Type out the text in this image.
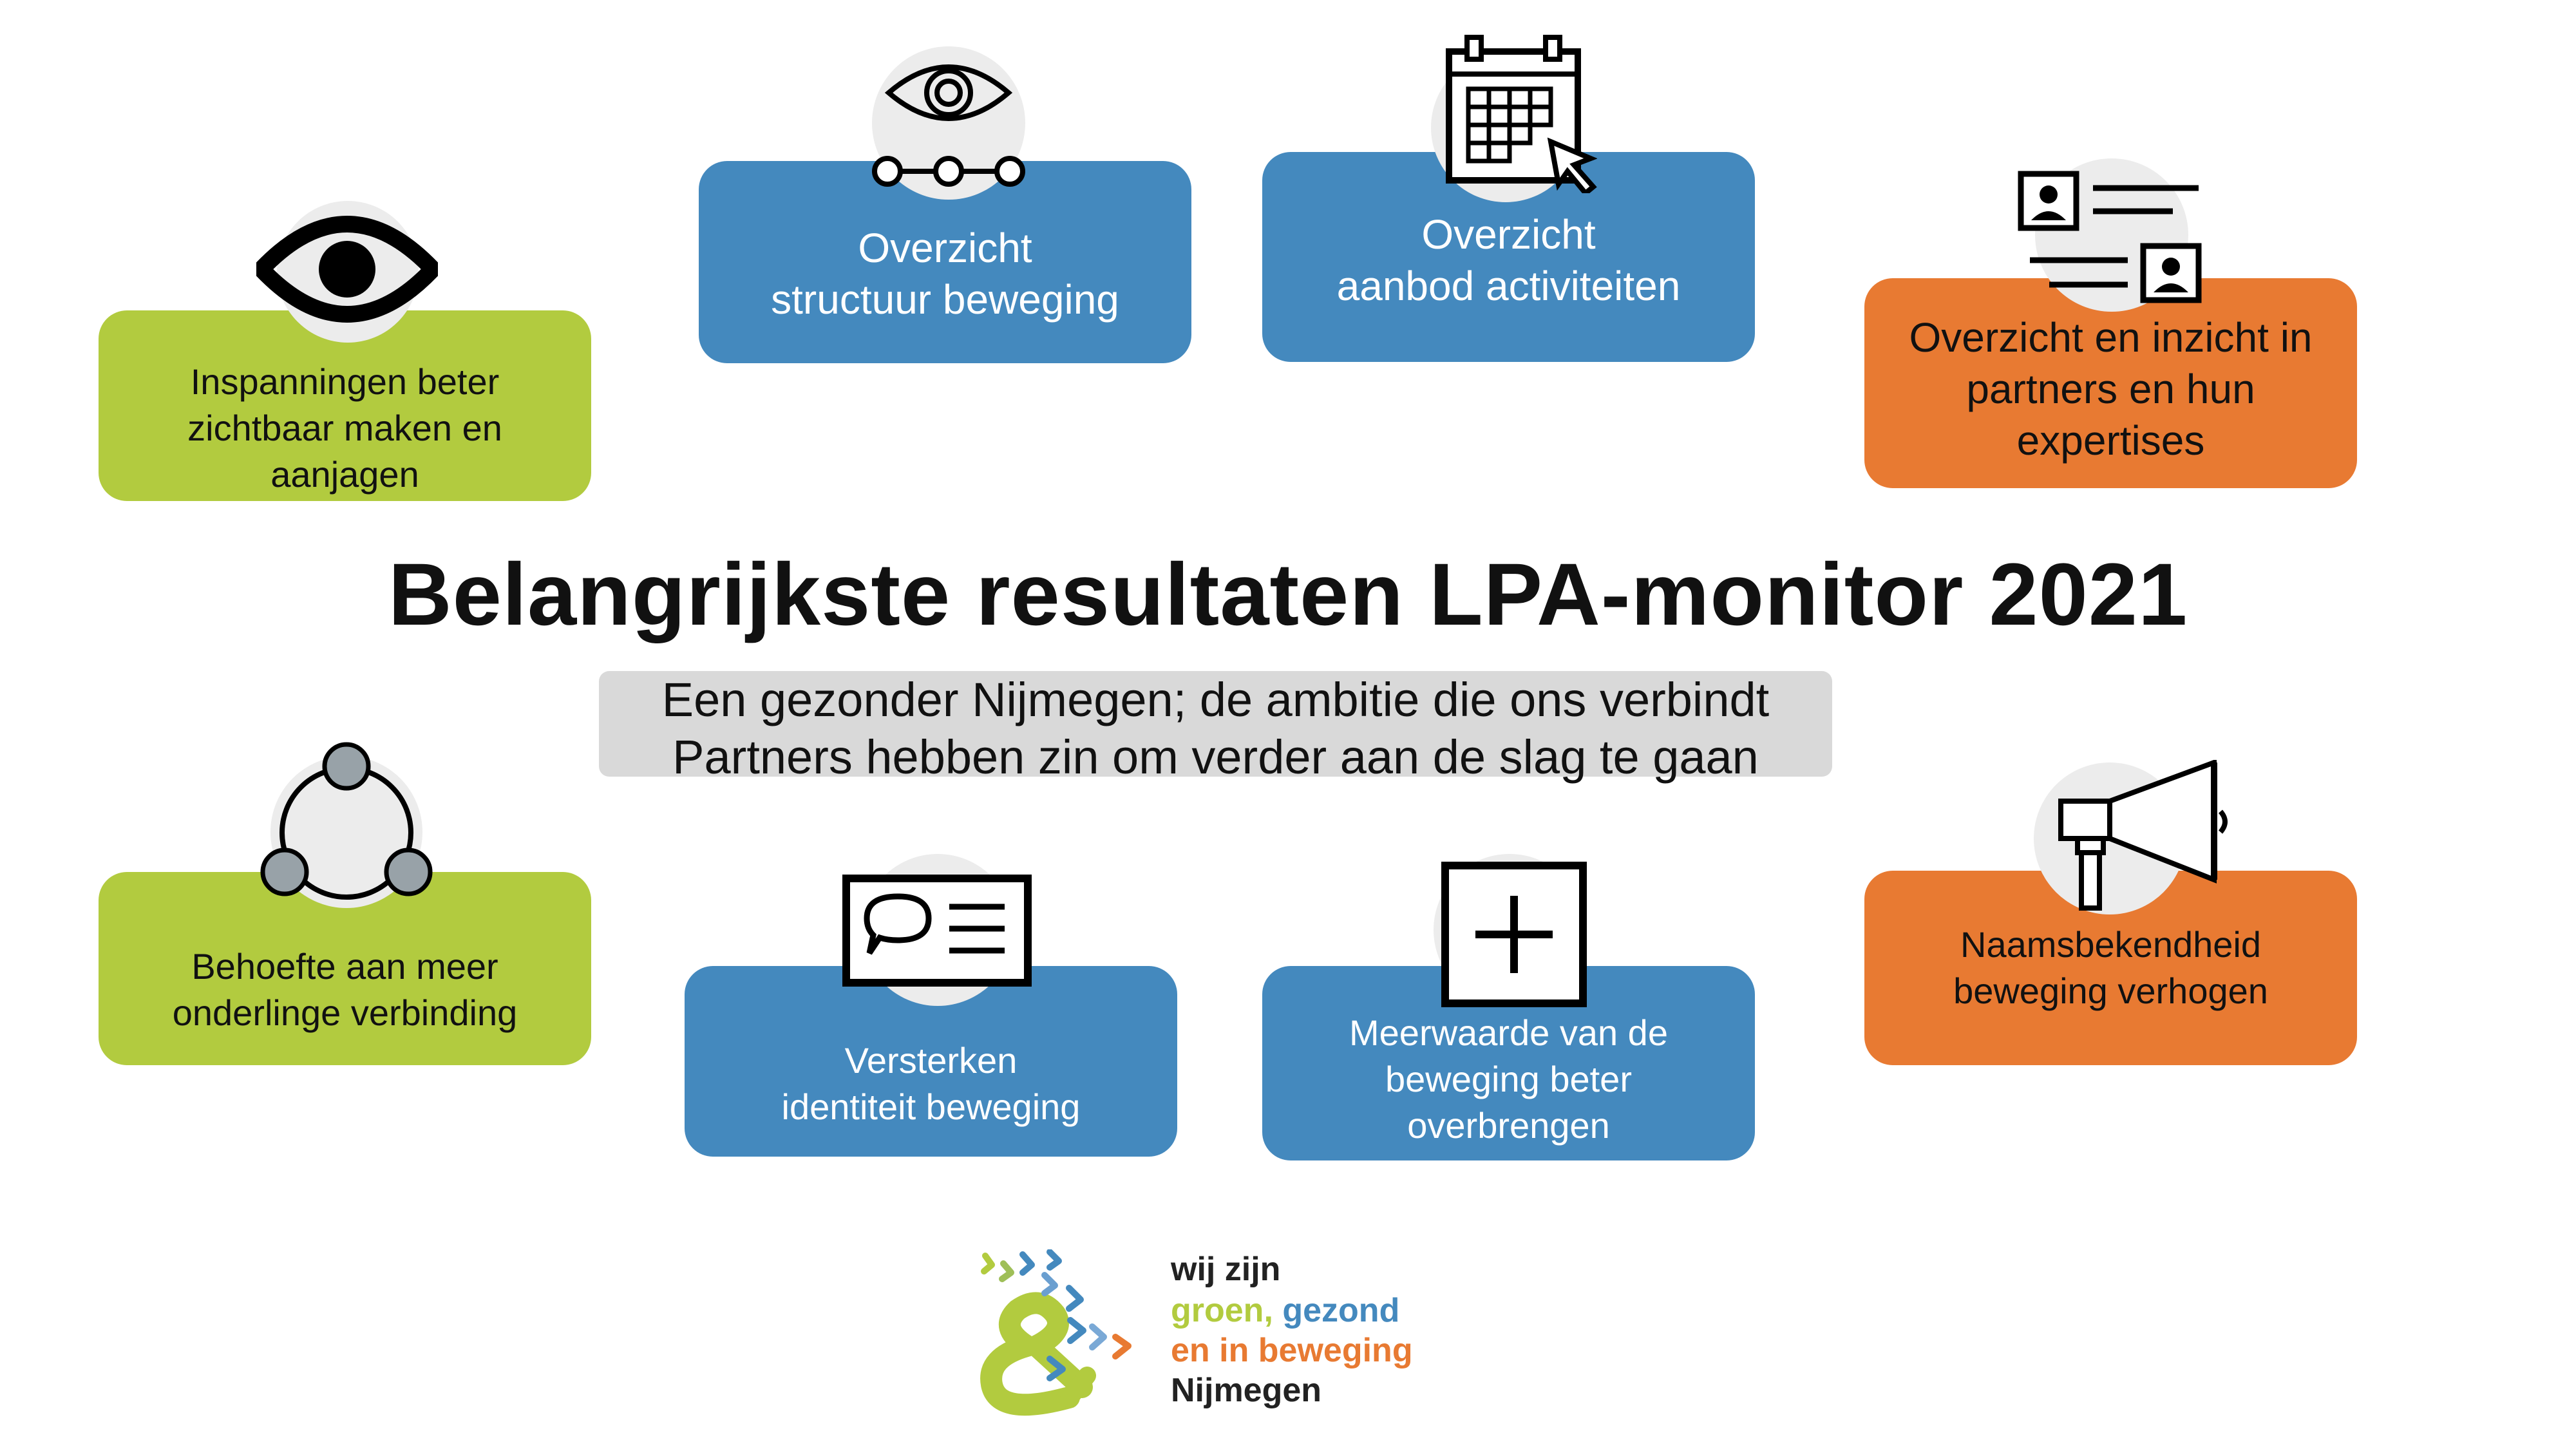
Belangrijkste resultaten LPA-monitor 2021
Een gezonder Nijmegen; de ambitie die ons verbindt
Partners hebben zin om verder aan de slag te gaan
Inspanningen beter
zichtbaar maken en
aanjagen
Overzicht
structuur beweging
Overzicht
aanbod activiteiten
Overzicht en inzicht in
partners en hun
expertises
Behoefte aan meer
onderlinge verbinding
Versterken
identiteit beweging
Meerwaarde van de
beweging beter
overbrengen
Naamsbekendheid
beweging verhogen
wij zijn
groen, gezond
en in beweging
Nijmegen
